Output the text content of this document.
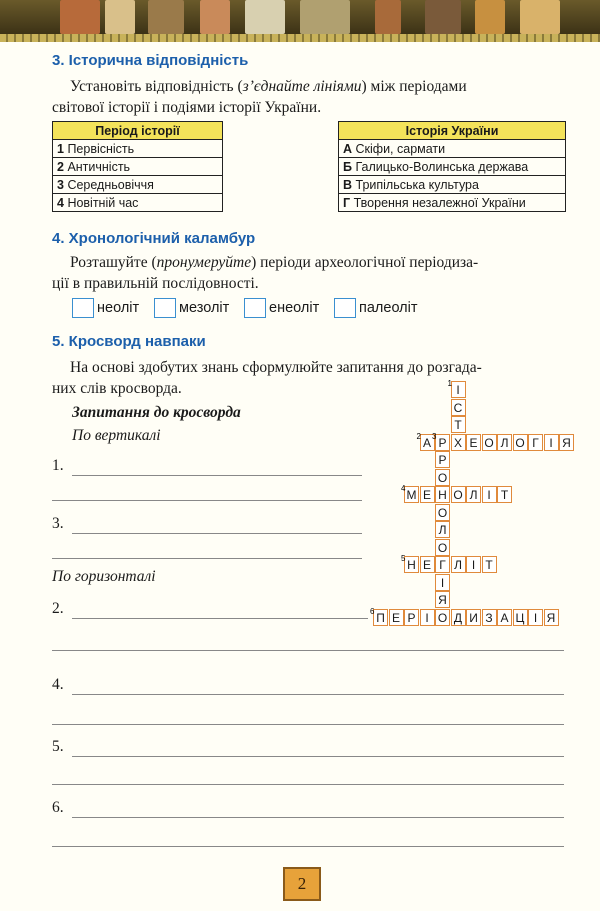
3. Історична відповідність
Установіть відповідність (з’єднайте лініями) між періодами
світової історії і подіями історії України.
Період історії
1 Первісність
2 Античність
3 Середньовіччя
4 Новітній час
Історія України
А Скіфи, сармати
Б Галицько-Волинська держава
В Трипільська культура
Г Творення незалежної України
4. Хронологічний каламбур
Розташуйте (пронумеруйте) періоди археологічної періодиза-
ції в правильній послідовності.
неоліт	мезоліт	енеоліт	палеоліт
5. Кросворд навпаки
На основі здобутих знань сформулюйте запитання до розгада-
них слів кросворда.
Запитання до кросворда
По вертикалі
1.
3.
По горизонталі
2.
4.
5.
6.
І
С
Т
1
А Р Х Е О Л О Г І Я
2
Р
О
Н
О
Л
О
Г
І
Я
3
М Е О Л І Т
4
Н Е Л І Т
5
П Е Р І О Д И З А Ц І Я
6
2
